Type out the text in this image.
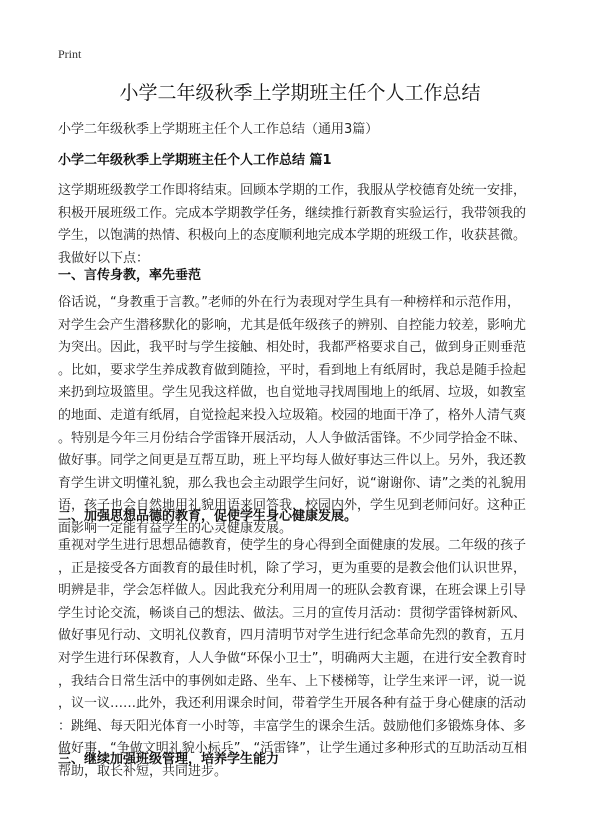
Print
小学二年级秋季上学期班主任个人工作总结
小学二年级秋季上学期班主任个人工作总结（通用3篇）
小学二年级秋季上学期班主任个人工作总结 篇1
这学期班级教学工作即将结束。回顾本学期的工作，我服从学校德育处统一安排，
积极开展班级工作。完成本学期教学任务，继续推行新教育实验运行，我带领我的
学生，以饱满的热情、积极向上的态度顺利地完成本学期的班级工作，收获甚微。
我做好以下点：
一、言传身教，率先垂范
俗话说，“身教重于言教。”老师的外在行为表现对学生具有一种榜样和示范作用，
对学生会产生潜移默化的影响，尤其是低年级孩子的辨别、自控能力较差，影响尤
为突出。因此，我平时与学生接触、相处时，我都严格要求自己，做到身正则垂范
。比如，要求学生养成教育做到随捡，平时，看到地上有纸屑时，我总是随手捡起
来扔到垃圾篮里。学生见我这样做，也自觉地寻找周围地上的纸屑、垃圾，如教室
的地面、走道有纸屑，自觉捡起来投入垃圾箱。校园的地面干净了，格外人清气爽
。特别是今年三月份结合学雷锋开展活动，人人争做活雷锋。不少同学拾金不昧、
做好事。同学之间更是互帮互助，班上平均每人做好事达三件以上。另外，我还教
育学生讲文明懂礼貌，那么我也会主动跟学生问好，说“谢谢你、请”之类的礼貌用
语，孩子也会自然地用礼貌用语来回答我，校园内外，学生见到老师问好。这种正
面影响一定能有益学生的心灵健康发展。
二、加强思想品德的教育，促使学生身心健康发展。
重视对学生进行思想品德教育，使学生的身心得到全面健康的发展。二年级的孩子
，正是接受各方面教育的最佳时机，除了学习，更为重要的是教会他们认识世界，
明辨是非，学会怎样做人。因此我充分利用周一的班队会教育课，在班会课上引导
学生讨论交流，畅谈自己的想法、做法。三月的宣传月活动：贯彻学雷锋树新风、
做好事见行动、文明礼仪教育，四月清明节对学生进行纪念革命先烈的教育，五月
对学生进行环保教育，人人争做“环保小卫士”，明确两大主题，在进行安全教育时
，我结合日常生活中的事例如走路、坐车、上下楼梯等，让学生来评一评，说一说
，议一议……此外，我还利用课余时间，带着学生开展各种有益于身心健康的活动
：跳绳、每天阳光体育一小时等，丰富学生的课余生活。鼓励他们多锻炼身体、多
做好事，“争做文明礼貌小标兵”、“活雷锋”，让学生通过多种形式的互助活动互相
帮助，取长补短，共同进步。
三、继续加强班级管理，培养学生能力
